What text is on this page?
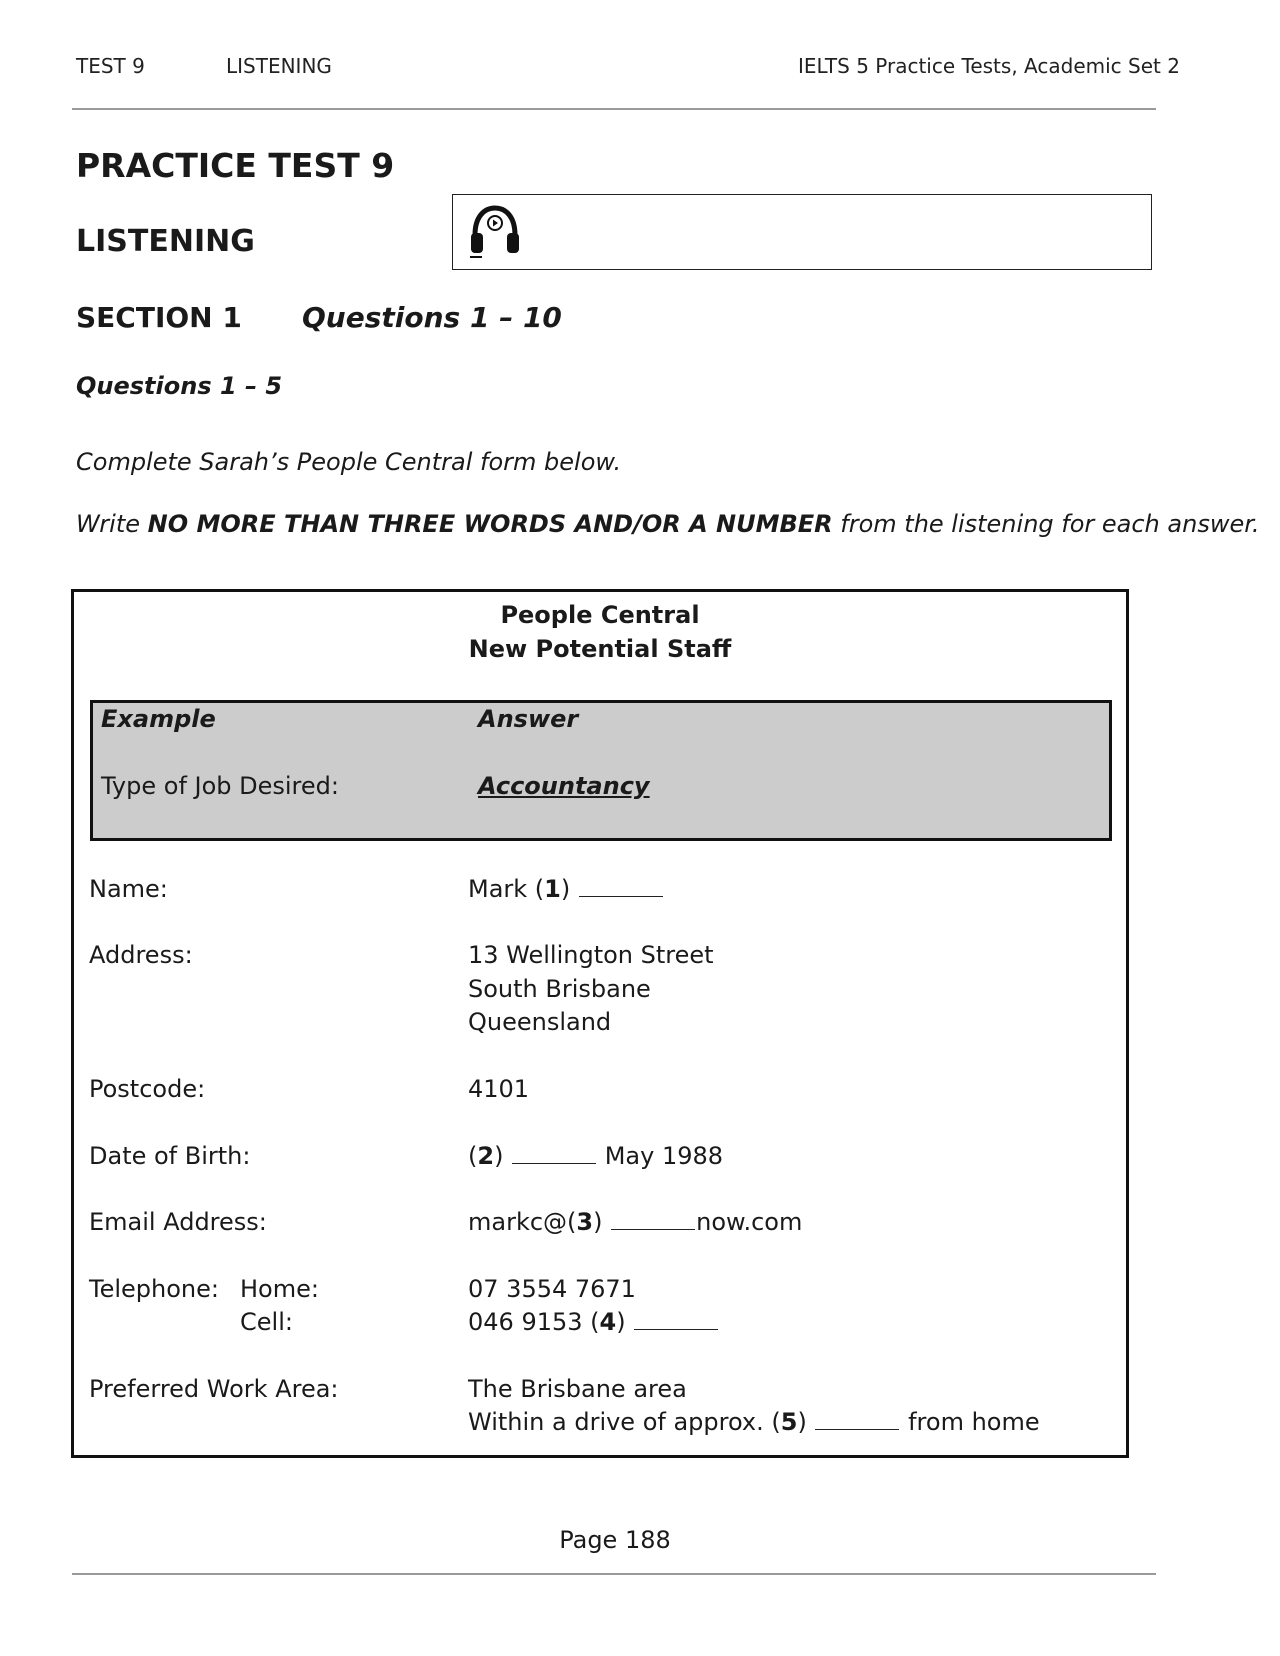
TEST 9	LISTENING	IELTS 5 Practice Tests, Academic Set 2
PRACTICE TEST 9
LISTENING
SECTION 1 Questions 1 – 10
Questions 1 – 5
Complete Sarah’s People Central form below.
Write NO MORE THAN THREE WORDS AND/OR A NUMBER from the listening for each answer.
People Central
New Potential Staff
Example	Answer
Type of Job Desired:	Accountancy
Name:	Mark (1)
Address:	13 Wellington Street
South Brisbane
Queensland
Postcode:	4101
Date of Birth:	(2)	May 1988
Email Address:	markc@(3)	now.com
Telephone: Home:	07 3554 7671
Cell:	046 9153 (4)
Preferred Work Area:	The Brisbane area
Within a drive of approx. (5)	from home
Page 188
